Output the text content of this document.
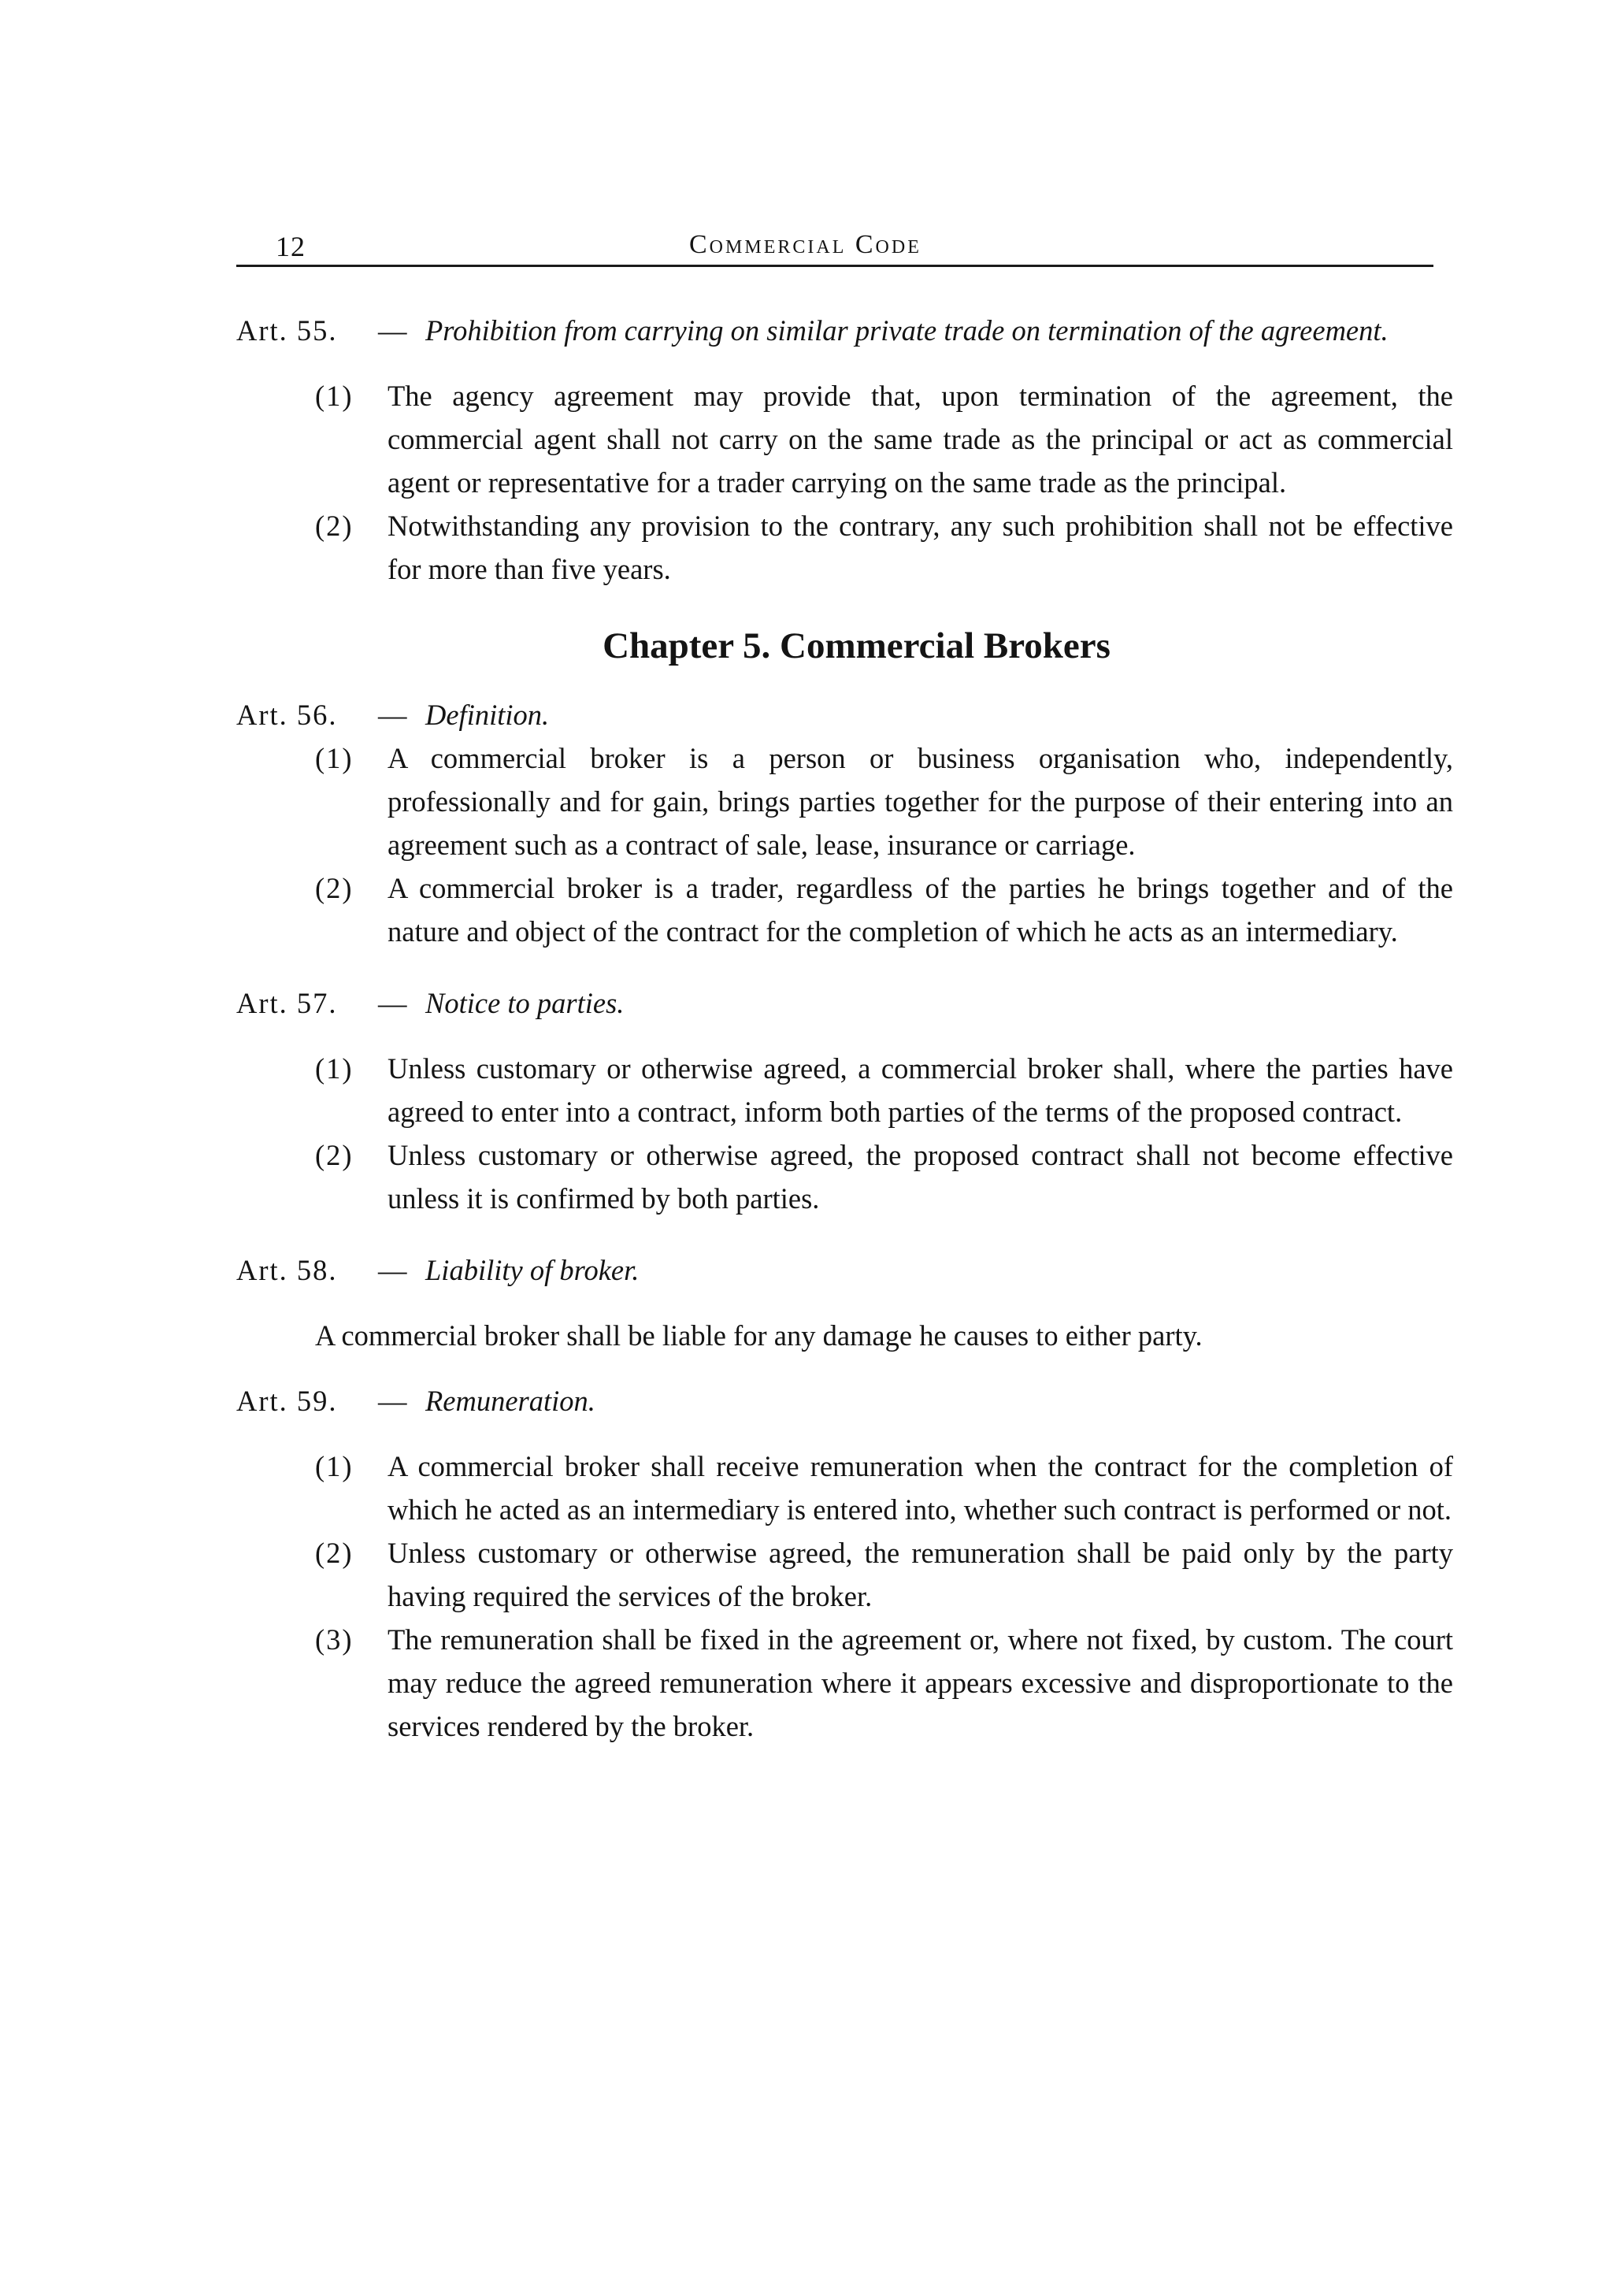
12	Commercial Code
Art. 55.	— Prohibition from carrying on similar private trade on termination of the agreement.
(1)	The agency agreement may provide that, upon termination of the agreement, the commercial agent shall not carry on the same trade as the principal or act as commercial agent or representative for a trader carrying on the same trade as the principal.
(2)	Notwithstanding any provision to the contrary, any such prohibition shall not be effective for more than five years.
Chapter 5. Commercial Brokers
Art. 56.	— Definition.
(1)	A commercial broker is a person or business organisation who, independently, professionally and for gain, brings parties together for the purpose of their entering into an agreement such as a contract of sale, lease, insurance or carriage.
(2)	A commercial broker is a trader, regardless of the parties he brings together and of the nature and object of the contract for the completion of which he acts as an intermediary.
Art. 57.	— Notice to parties.
(1)	Unless customary or otherwise agreed, a commercial broker shall, where the parties have agreed to enter into a contract, inform both parties of the terms of the proposed contract.
(2)	Unless customary or otherwise agreed, the proposed contract shall not become effective unless it is confirmed by both parties.
Art. 58.	— Liability of broker.
A commercial broker shall be liable for any damage he causes to either party.
Art. 59.	— Remuneration.
(1)	A commercial broker shall receive remuneration when the contract for the completion of which he acted as an intermediary is entered into, whether such contract is performed or not.
(2)	Unless customary or otherwise agreed, the remuneration shall be paid only by the party having required the services of the broker.
(3)	The remuneration shall be fixed in the agreement or, where not fixed, by custom. The court may reduce the agreed remuneration where it appears excessive and disproportionate to the services rendered by the broker.
